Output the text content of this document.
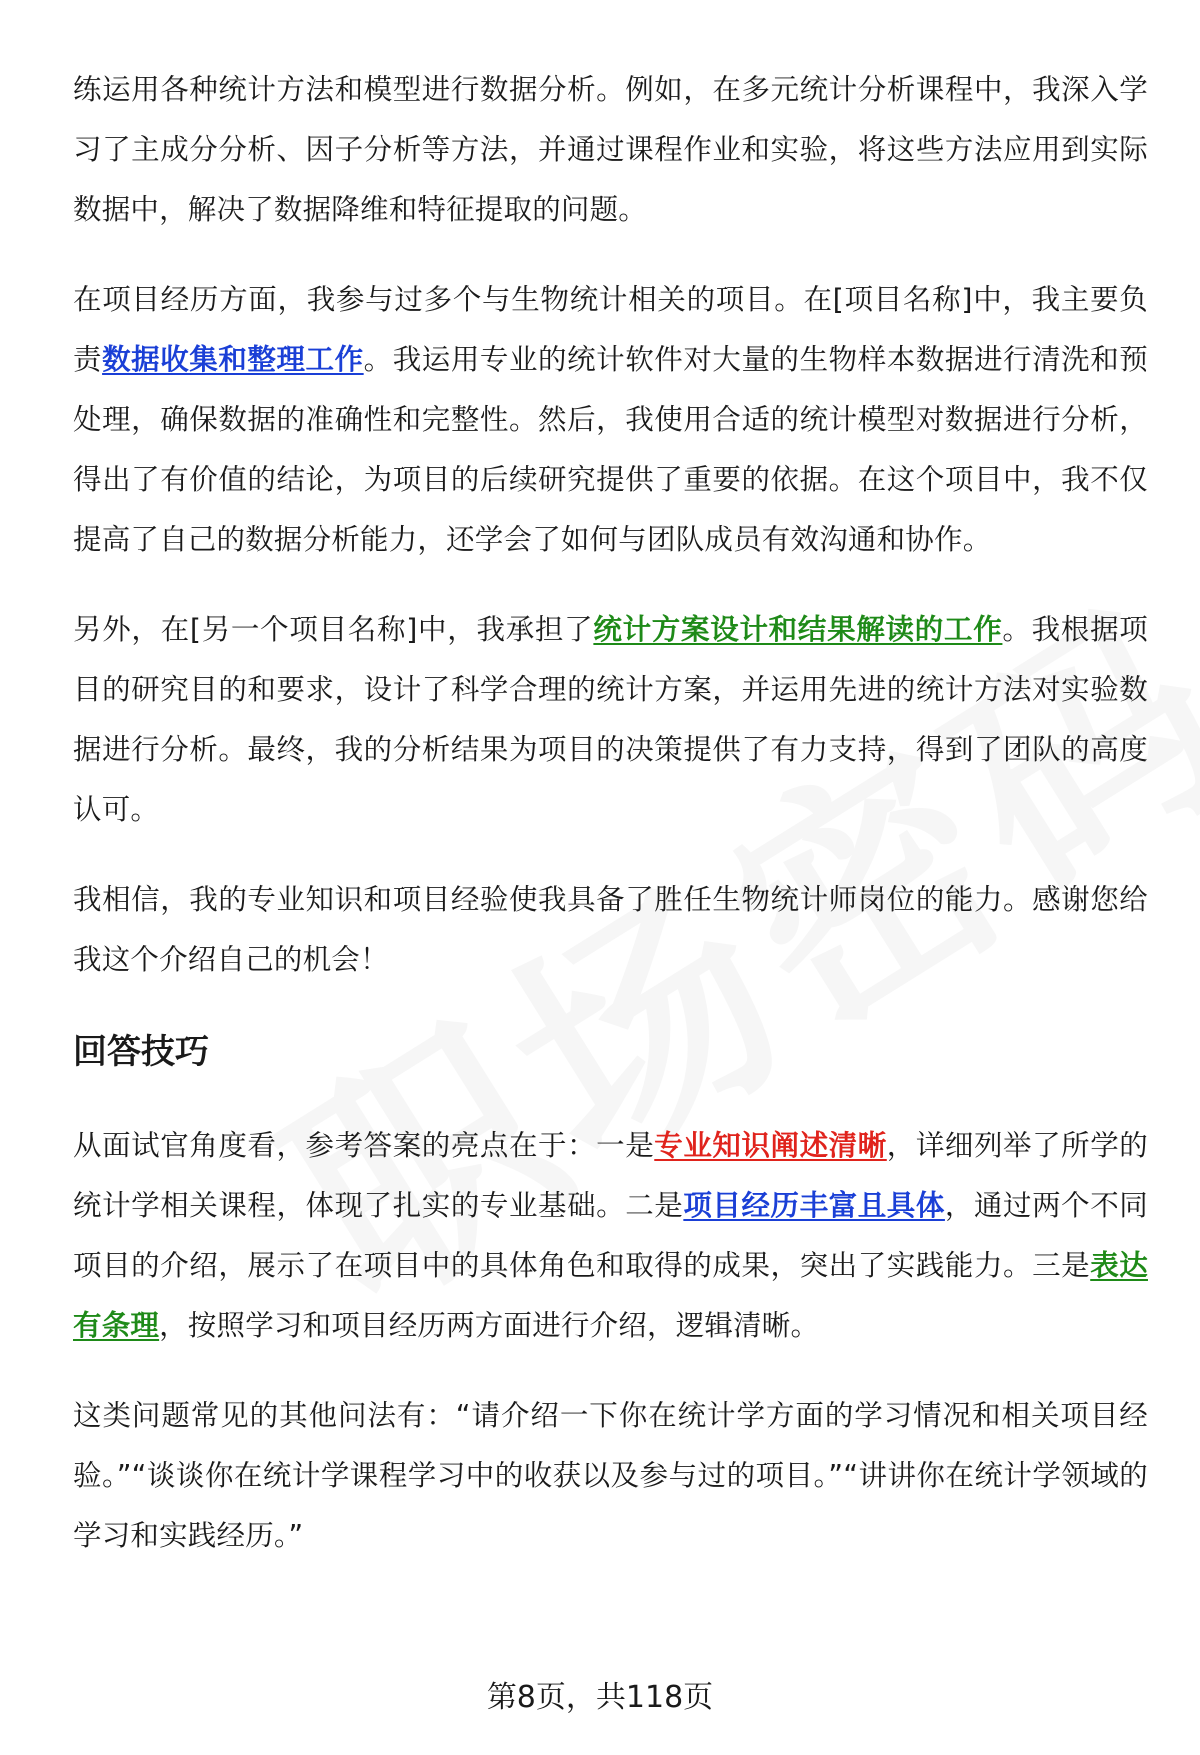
练运用各种统计方法和模型进行数据分析。例如，在多元统计分析课程中，我深入学习了主成分分析、因子分析等方法，并通过课程作业和实验，将这些方法应用到实际数据中，解决了数据降维和特征提取的问题。

在项目经历方面，我参与过多个与生物统计相关的项目。在[项目名称]中，我主要负责数据收集和整理工作。我运用专业的统计软件对大量的生物样本数据进行清洗和预处理，确保数据的准确性和完整性。然后，我使用合适的统计模型对数据进行分析，得出了有价值的结论，为项目的后续研究提供了重要的依据。在这个项目中，我不仅提高了自己的数据分析能力，还学会了如何与团队成员有效沟通和协作。

另外，在[另一个项目名称]中，我承担了统计方案设计和结果解读的工作。我根据项目的研究目的和要求，设计了科学合理的统计方案，并运用先进的统计方法对实验数据进行分析。最终，我的分析结果为项目的决策提供了有力支持，得到了团队的高度认可。

我相信，我的专业知识和项目经验使我具备了胜任生物统计师岗位的能力。感谢您给我这个介绍自己的机会！

回答技巧

从面试官角度看，参考答案的亮点在于：一是专业知识阐述清晰，详细列举了所学的统计学相关课程，体现了扎实的专业基础。二是项目经历丰富且具体，通过两个不同项目的介绍，展示了在项目中的具体角色和取得的成果，突出了实践能力。三是表达有条理，按照学习和项目经历两方面进行介绍，逻辑清晰。

这类问题常见的其他问法有：“请介绍一下你在统计学方面的学习情况和相关项目经验。”“谈谈你在统计学课程学习中的收获以及参与过的项目。”“讲讲你在统计学领域的学习和实践经历。”

第8页，共118页
